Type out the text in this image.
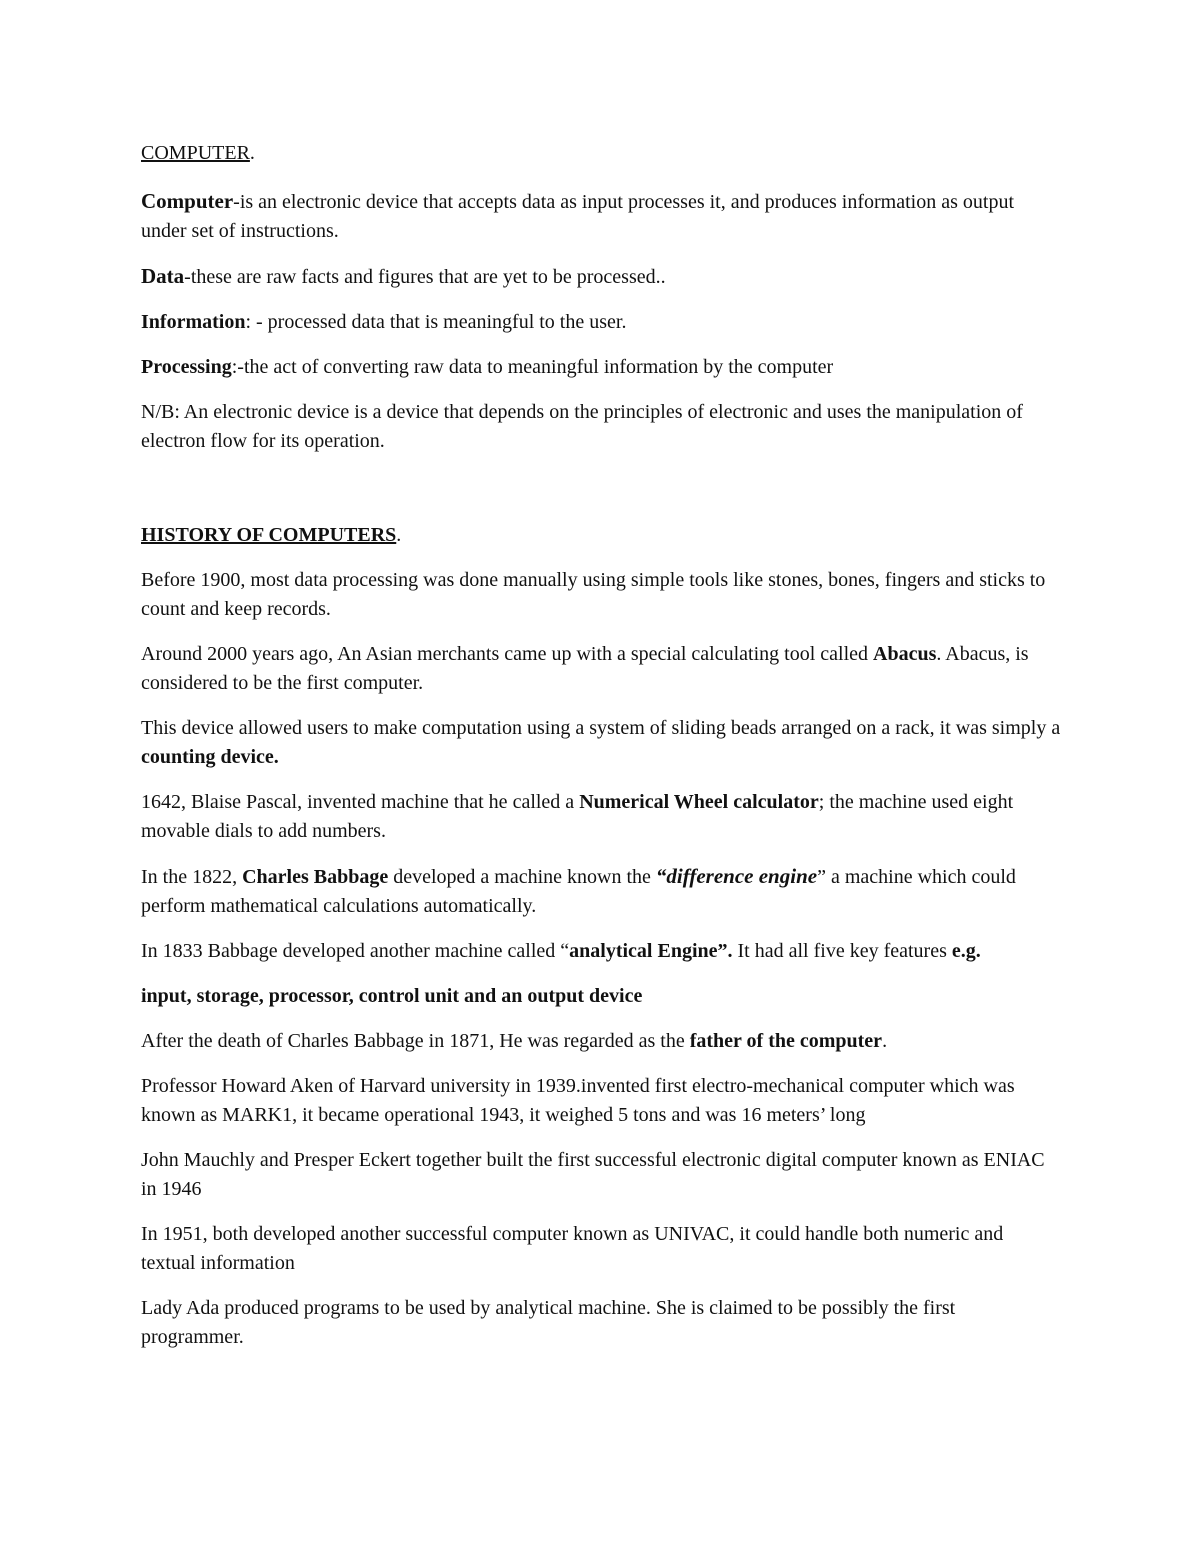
COMPUTER.

Computer-is an electronic device that accepts data as input processes it, and produces information as output under set of instructions.

Data-these are raw facts and figures that are yet to be processed..

Information: - processed data that is meaningful to the user.

Processing:-the act of converting raw data to meaningful information by the computer

N/B: An electronic device is a device that depends on the principles of electronic and uses the manipulation of electron flow for its operation.

HISTORY OF COMPUTERS.

Before 1900, most data processing was done manually using simple tools like stones, bones, fingers and sticks to count and keep records.

Around 2000 years ago, An Asian merchants came up with a special calculating tool called Abacus. Abacus, is considered to be the first computer.

This device allowed users to make computation using a system of sliding beads arranged on a rack, it was simply a counting device.

1642, Blaise Pascal, invented machine that he called a Numerical Wheel calculator; the machine used eight movable dials to add numbers.

In the 1822, Charles Babbage developed a machine known the “difference engine” a machine which could perform mathematical calculations automatically.

In 1833 Babbage developed another machine called “analytical Engine”. It had all five key features e.g.

input, storage, processor, control unit and an output device

After the death of Charles Babbage in 1871, He was regarded as the father of the computer.

Professor Howard Aken of Harvard university in 1939.invented first electro-mechanical computer which was known as MARK1, it became operational 1943, it weighed 5 tons and was 16 meters’ long

John Mauchly and Presper Eckert together built the first successful electronic digital computer known as ENIAC in 1946

In 1951, both developed another successful computer known as UNIVAC, it could handle both numeric and textual information

Lady Ada produced programs to be used by analytical machine. She is claimed to be possibly the first programmer.
